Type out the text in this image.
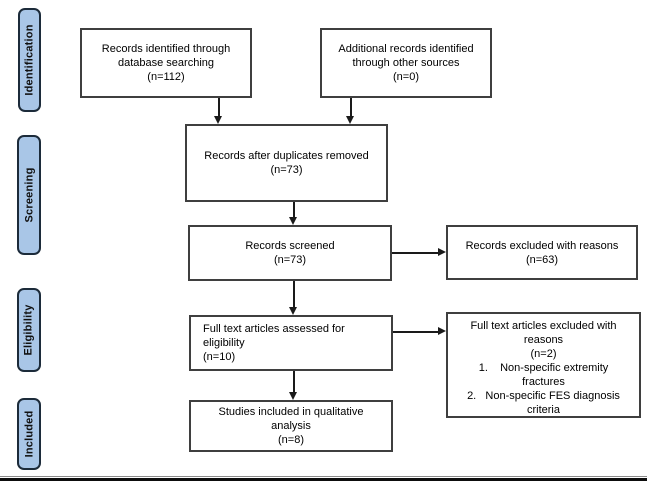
Identification
Screening
Eligibility
Included
Records identified through
database searching
(n=112)
Additional records identified
through other sources
(n=0)
Records after duplicates removed
(n=73)
Records screened
(n=73)
Records excluded with reasons
(n=63)
Full text articles assessed for
eligibility
(n=10)
Full text articles excluded with
reasons
(n=2)
1.    Non-specific extremity
fractures
2.   Non-specific FES diagnosis
criteria
Studies included in qualitative
analysis
(n=8)
